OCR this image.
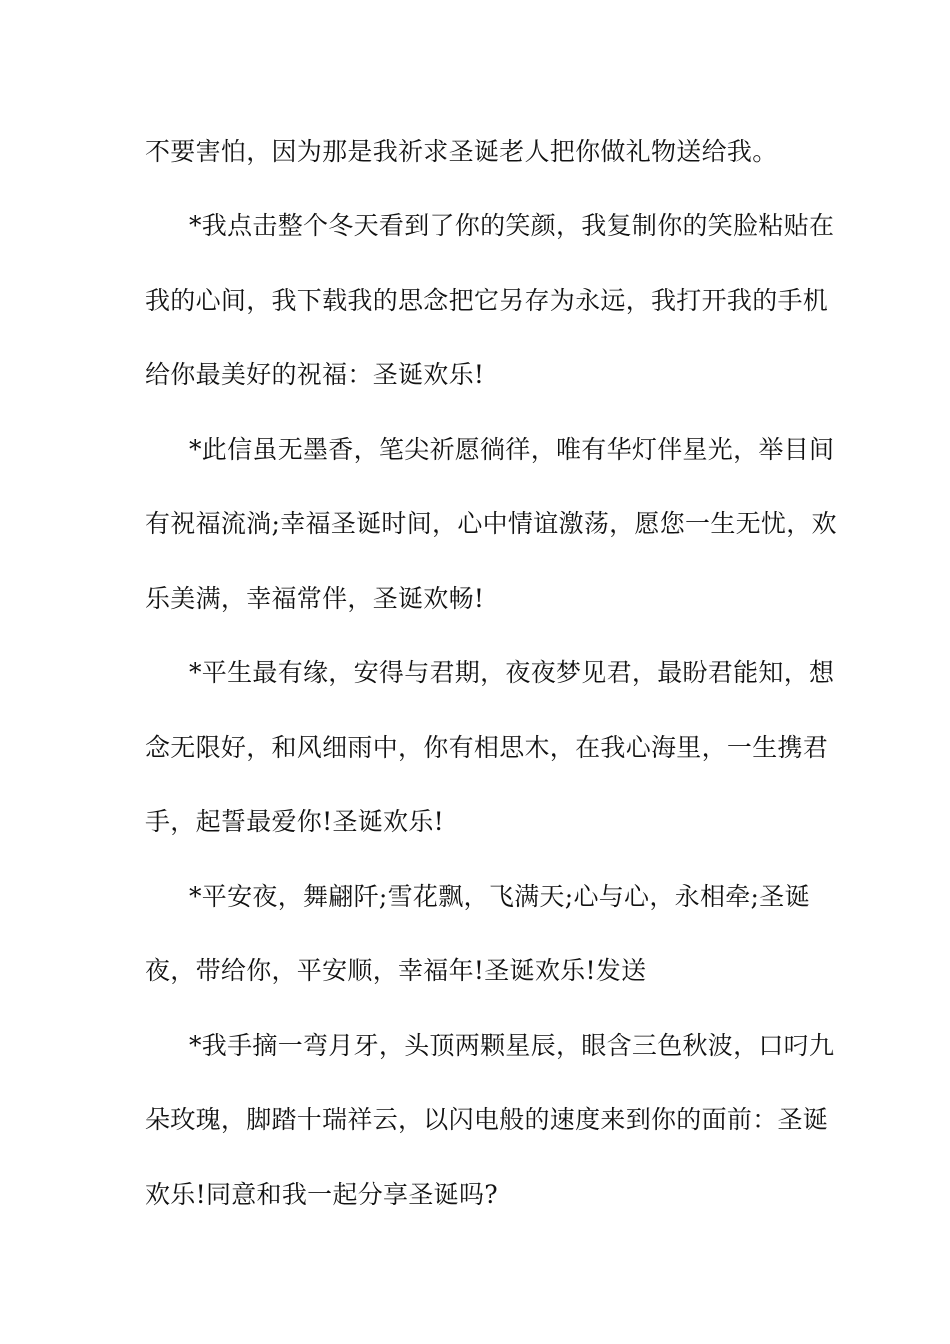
不要害怕，因为那是我祈求圣诞老人把你做礼物送给我。

*我点击整个冬天看到了你的笑颜，我复制你的笑脸粘贴在

我的心间，我下载我的思念把它另存为永远，我打开我的手机

给你最美好的祝福：圣诞欢乐!

*此信虽无墨香，笔尖祈愿徜徉，唯有华灯伴星光，举目间

有祝福流淌;幸福圣诞时间，心中情谊激荡，愿您一生无忧，欢

乐美满，幸福常伴，圣诞欢畅!

*平生最有缘，安得与君期，夜夜梦见君，最盼君能知，想

念无限好，和风细雨中，你有相思木，在我心海里，一生携君

手，起誓最爱你!圣诞欢乐!

*平安夜，舞翩阡;雪花飘，飞满天;心与心，永相牵;圣诞

夜，带给你，平安顺，幸福年!圣诞欢乐!发送

*我手摘一弯月牙，头顶两颗星辰，眼含三色秋波，口叼九

朵玫瑰，脚踏十瑞祥云，以闪电般的速度来到你的面前：圣诞

欢乐!同意和我一起分享圣诞吗?
